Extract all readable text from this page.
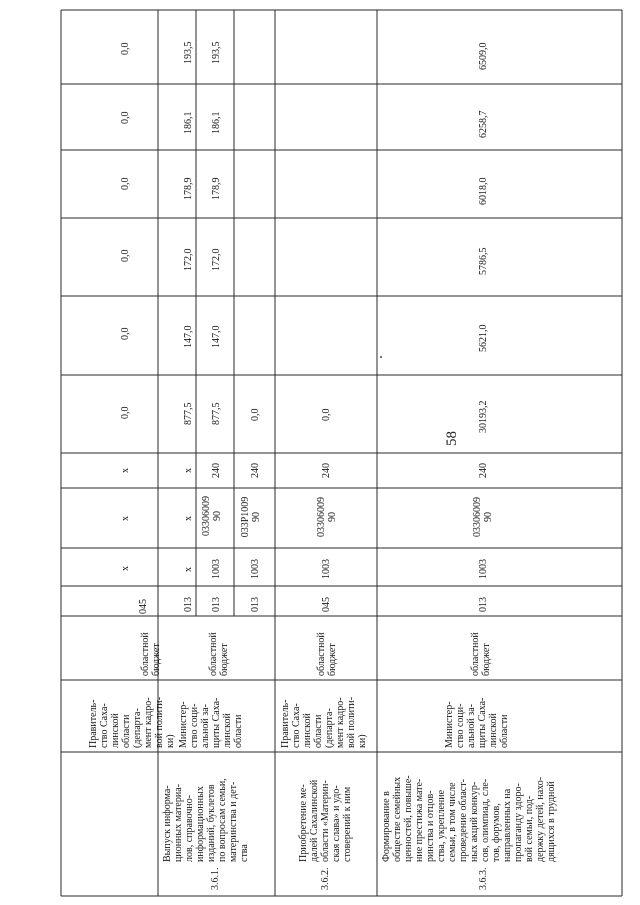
58

Правитель-
ство Саха-
линской
области
(департа-
мент кадро-
вой полити-
ки)

областной
бюджет

045

х
х
х
0,0
0,0
0,0
0,0
0,0
0,0
3.6.1.
Выпуск информа-
ционных материа-
лов, справочно-
информационных
изданий, буклетов
по вопросам семьи,
материнства и дет-
ства
Министер-
ство соци-
альной за-
щиты Саха-
линской
области
областной
бюджет
013
х
х
х
877,5
147,0
172,0
178,9
186,1
193,5
013
1003
03306009
90
240
877,5
147,0
172,0
178,9
186,1
193,5
013
1003
033P1009
90
240
0,0
3.6.2.
Приобретение ме-
далей Сахалинской
области «Материн-
ская слава» и удо-
стоверений к ним
Правитель-
ство Саха-
линской
области
(департа-
мент кадро-
вой полити-
ки)
областной
бюджет
045
1003
03306009
90
240
0,0
3.6.3.
Формирование в
обществе семейных
ценностей, повыше-
ние престижа мате-
ринства и отцов-
ства, укрепление
семьи, в том числе
проведение област-
ных акций конкур-
сов, олимпиад, сле-
тов, форумов,
направленных на
пропаганду здоро-
вой семьи, под-
держку детей, нахо-
дящихся в трудной
Министер-
ство соци-
альной за-
щиты Саха-
линской
области
областной
бюджет
013
1003
03306009
90
240
30193,2
5621,0
5786,5
6018,0
6258,7
6509,0
